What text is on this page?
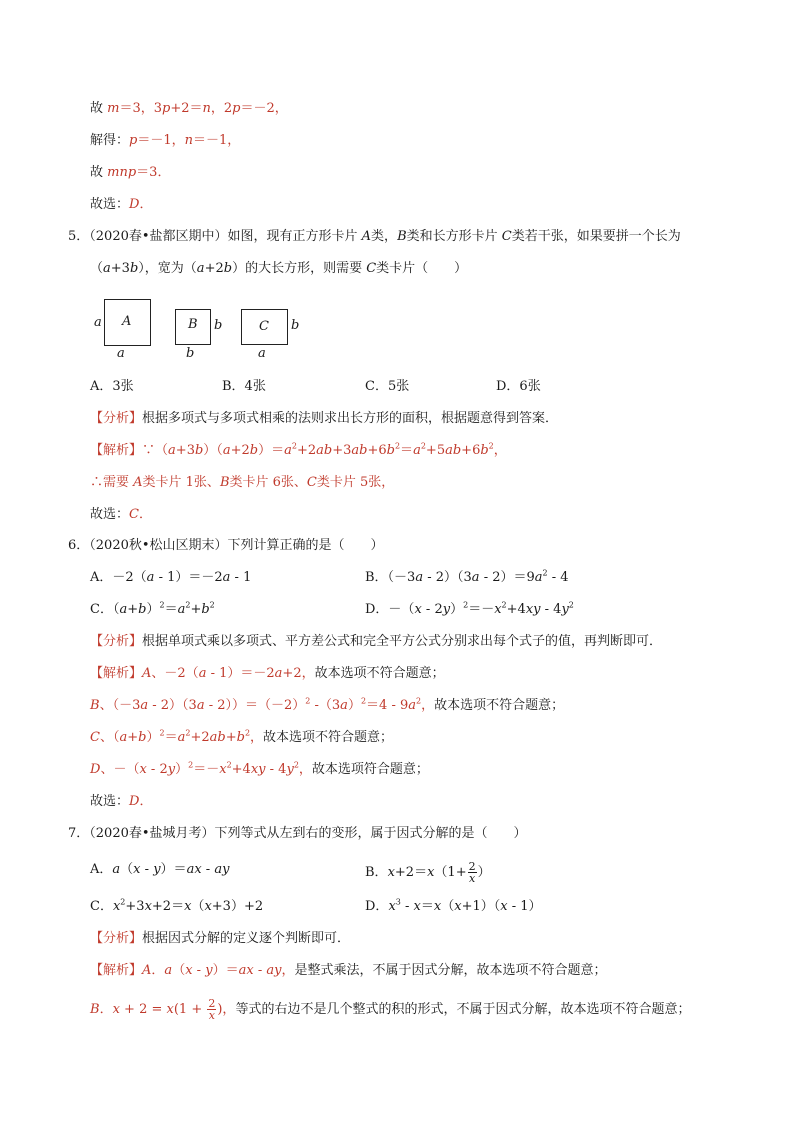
故 m＝3，3p+2＝n，2p＝－2，
解得：p＝－1，n＝－1，
故 mnp＝3．
故选：D．
5．（2020春•盐都区期中）如图，现有正方形卡片 A类，B类和长方形卡片 C类若干张，如果要拼一个长为
（a+3b），宽为（a+2b）的大长方形，则需要 C类卡片（　　）
a A
a
B b
b
C b
a
A．3张	B．4张	C．5张	D．6张
【分析】根据多项式与多项式相乘的法则求出长方形的面积，根据题意得到答案．
【解析】$\because(a+3b)(a+2b)=a^2+2ab+3ab+6b^2=a^2+5ab+6b^2$，
∴需要 A类卡片 1张、B类卡片 6张、C类卡片 5张，
故选：C．
6．（2020秋•松山区期末）下列计算正确的是（　　）
A．－2（a - 1）＝－2a - 1	B．$(-3a - 2)(3a - 2)=9a^2 - 4$
C．$(a+b)^2=a^2+b^2$	D．$-(x - 2y)^2=-x^2+4xy - 4y^2$
【分析】根据单项式乘以多项式、平方差公式和完全平方公式分别求出每个式子的值，再判断即可．
【解析】A、－2（a - 1）＝－2a+2，故本选项不符合题意；
B、$(-3a - 2)(3a - 2))=(-2)^2$ $-(3a)^2=4 - 9a^2$，故本选项不符合题意；
C、$(a+b)^2=a^2+2ab+b^2$，故本选项不符合题意；
D、$-(x - 2y)^2=-x^2+4xy - 4y^2$，故本选项符合题意；
故选：D．
7．（2020春•盐城月考）下列等式从左到右的变形，属于因式分解的是（　　）
A．a（x - y）＝ax - ay	B．$x+2=x(1+ \frac{2}{x}$ ）
C．$x^2+3x+2=x(x+3)+2$	D．$x^3 - x=x(x+1)(x - 1)$
【分析】根据因式分解的定义逐个判断即可．
【解析】A．a（x - y）＝ax - ay，是整式乘法，不属于因式分解，故本选项不符合题意；
B．$x + 2 = x(1 + \frac{2}{x}$ )，等式的右边不是几个整式的积的形式，不属于因式分解，故本选项不符合题意；
